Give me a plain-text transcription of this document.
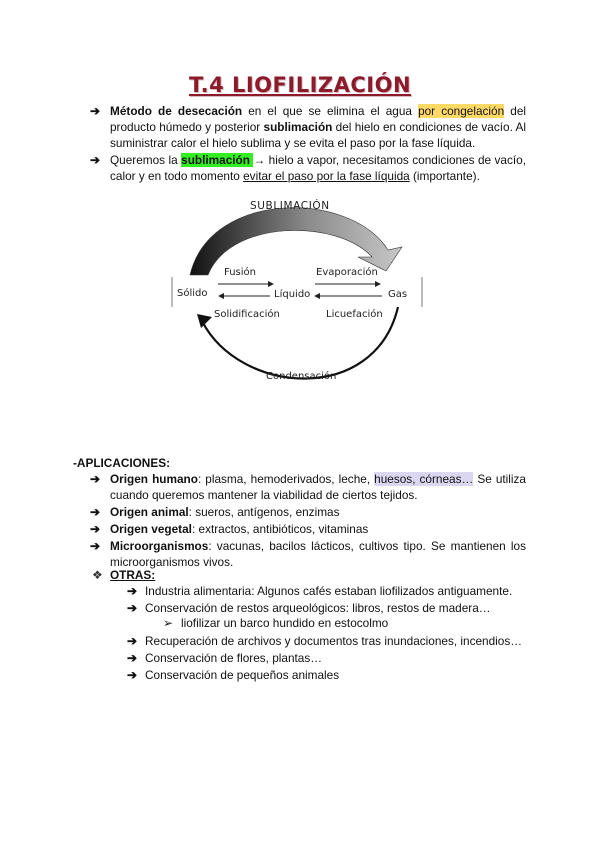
T.4 LIOFILIZACIÓN
➔ Método de desecación en el que se elimina el agua por congelación del producto húmedo y posterior sublimación del hielo en condiciones de vacío. Al suministrar calor el hielo sublima y se evita el paso por la fase líquida.
➔ Queremos la sublimación → hielo a vapor, necesitamos condiciones de vacío, calor y en todo momento evitar el paso por la fase líquida (importante).
SUBLIMACIÓN
Fusión	Evaporación
Sólido	Líquido	Gas
Solidificación	Licuefación
Condensación
-APLICACIONES:
➔ Origen humano: plasma, hemoderivados, leche, huesos, córneas… Se utiliza cuando queremos mantener la viabilidad de ciertos tejidos.
➔ Origen animal: sueros, antígenos, enzimas
➔ Origen vegetal: extractos, antibióticos, vitaminas
➔ Microorganismos: vacunas, bacilos lácticos, cultivos tipo. Se mantienen los microorganismos vivos.
❖ OTRAS:
➔ Industria alimentaria: Algunos cafés estaban liofilizados antiguamente.
➔ Conservación de restos arqueológicos: libros, restos de madera…
➔ Recuperación de archivos y documentos tras inundaciones, incendios…
➔ Conservación de flores, plantas…
➔ Conservación de pequeños animales
➢ liofilizar un barco hundido en estocolmo
